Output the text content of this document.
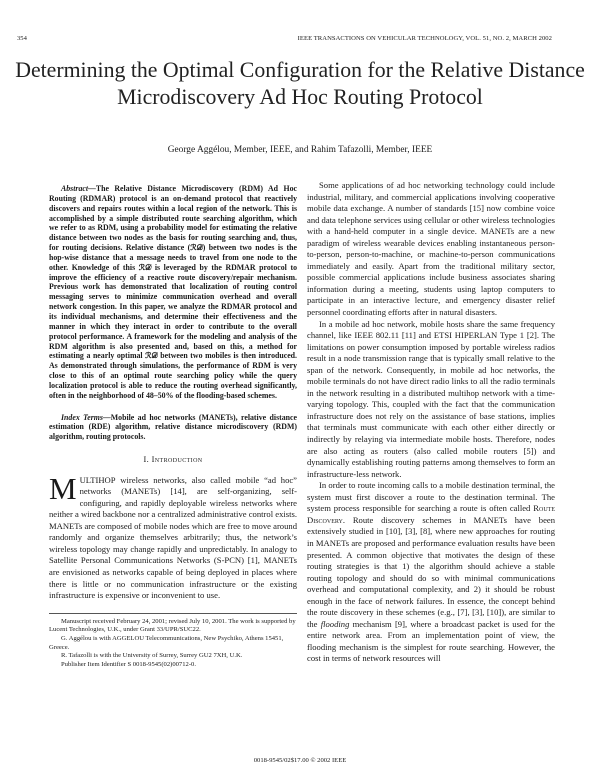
354	IEEE TRANSACTIONS ON VEHICULAR TECHNOLOGY, VOL. 51, NO. 2, MARCH 2002
Determining the Optimal Configuration for the Relative Distance Microdiscovery Ad Hoc Routing Protocol
George Aggélou, Member, IEEE, and Rahim Tafazolli, Member, IEEE

Abstract—The Relative Distance Microdiscovery (RDM) Ad Hoc Routing (RDMAR) protocol is an on-demand protocol that reactively discovers and repairs routes within a local region of the network. This is accomplished by a simple distributed route searching algorithm, which we refer to as RDM, using a probability model for estimating the relative distance between two nodes as the basis for routing searching and, thus, for routing decisions. Relative distance (ℛ𝒟) between two nodes is the hop-wise distance that a message needs to travel from one node to the other. Knowledge of this ℛ𝒟 is leveraged by the RDMAR protocol to improve the efficiency of a reactive route discovery/repair mechanism. Previous work has demonstrated that localization of routing control messaging serves to minimize communication overhead and overall network congestion. In this paper, we analyze the RDMAR protocol and its individual mechanisms, and determine their effectiveness and the manner in which they interact in order to contribute to the overall protocol performance. A framework for the modeling and analysis of the RDM algorithm is also presented and, based on this, a method for estimating a nearly optimal ℛ𝒟 between two mobiles is then introduced. As demonstrated through simulations, the performance of RDM is very close to this of an optimal route searching policy while the query localization protocol is able to reduce the routing overhead significantly, often in the neighborhood of 48–50% of the flooding-based schemes.

Index Terms—Mobile ad hoc networks (MANETs), relative distance estimation (RDE) algorithm, relative distance microdiscovery (RDM) algorithm, routing protocols.

I. Introduction

MULTIHOP wireless networks, also called mobile “ad hoc” networks (MANETs) [14], are self-organizing, self-configuring, and rapidly deployable wireless networks where neither a wired backbone nor a centralized administrative control exists. MANETs are composed of mobile nodes which are free to move around randomly and organize themselves arbitrarily; thus, the network’s wireless topology may change rapidly and unpredictably. In analogy to Satellite Personal Communications Networks (S-PCN) [1], MANETs are envisioned as networks capable of being deployed in places where there is little or no communication infrastructure or the existing infrastructure is expensive or inconvenient to use.

Manuscript received February 24, 2001; revised July 10, 2001. The work is supported by Lucent Technologies, U.K., under Grant 33/UPR/SUC22.

G. Aggélou is with AGGELOU Telecommunications, New Psychiko, Athens 15451, Greece.

R. Tafazolli is with the University of Surrey, Surrey GU2 7XH, U.K.

Publisher Item Identifier S 0018-9545(02)00712-0.

Some applications of ad hoc networking technology could include industrial, military, and commercial applications involving cooperative mobile data exchange. A number of standards [15] now combine voice and data telephone services using cellular or other wireless technologies with a hand-held computer in a single device. MANETs are a new paradigm of wireless wearable devices enabling instantaneous person-to-person, person-to-machine, or machine-to-person communications immediately and easily. Apart from the traditional military sector, possible commercial applications include business associates sharing information during a meeting, students using laptop computers to participate in an interactive lecture, and emergency disaster relief personnel coordinating efforts after in natural disasters.

In a mobile ad hoc network, mobile hosts share the same frequency channel, like IEEE 802.11 [11] and ETSI HIPERLAN Type 1 [2]. The limitations on power consumption imposed by portable wireless radios result in a node transmission range that is typically small relative to the span of the network. Consequently, in mobile ad hoc networks, the mobile terminals do not have direct radio links to all the radio terminals in the network resulting in a distributed multihop network with a time-varying topology. This, coupled with the fact that the communication infrastructure does not rely on the assistance of base stations, implies that terminals must communicate with each other either directly or indirectly by relaying via intermediate mobile hosts. Therefore, nodes are also acting as routers (also called mobile routers [5]) and dynamically establishing routing patterns among themselves to form an infrastructure-less network.

In order to route incoming calls to a mobile destination terminal, the system must first discover a route to the destination terminal. The system process responsible for searching a route is often called Route Discovery. Route discovery schemes in MANETs have been extensively studied in [10], [3], [8], where new approaches for routing in MANETs are proposed and performance evaluation results have been presented. A common objective that motivates the design of these routing strategies is that 1) the algorithm should achieve a stable routing topology and should do so with minimal communications overhead and computational complexity, and 2) it should be robust enough in the face of network failures. In essence, the concept behind the route discovery in these schemes (e.g., [7], [3], [10]), are similar to the flooding mechanism [9], where a broadcast packet is used for the entire network area. From an implementation point of view, the flooding mechanism is the simplest for route searching. However, the cost in terms of network resources will

0018-9545/02$17.00 © 2002 IEEE
